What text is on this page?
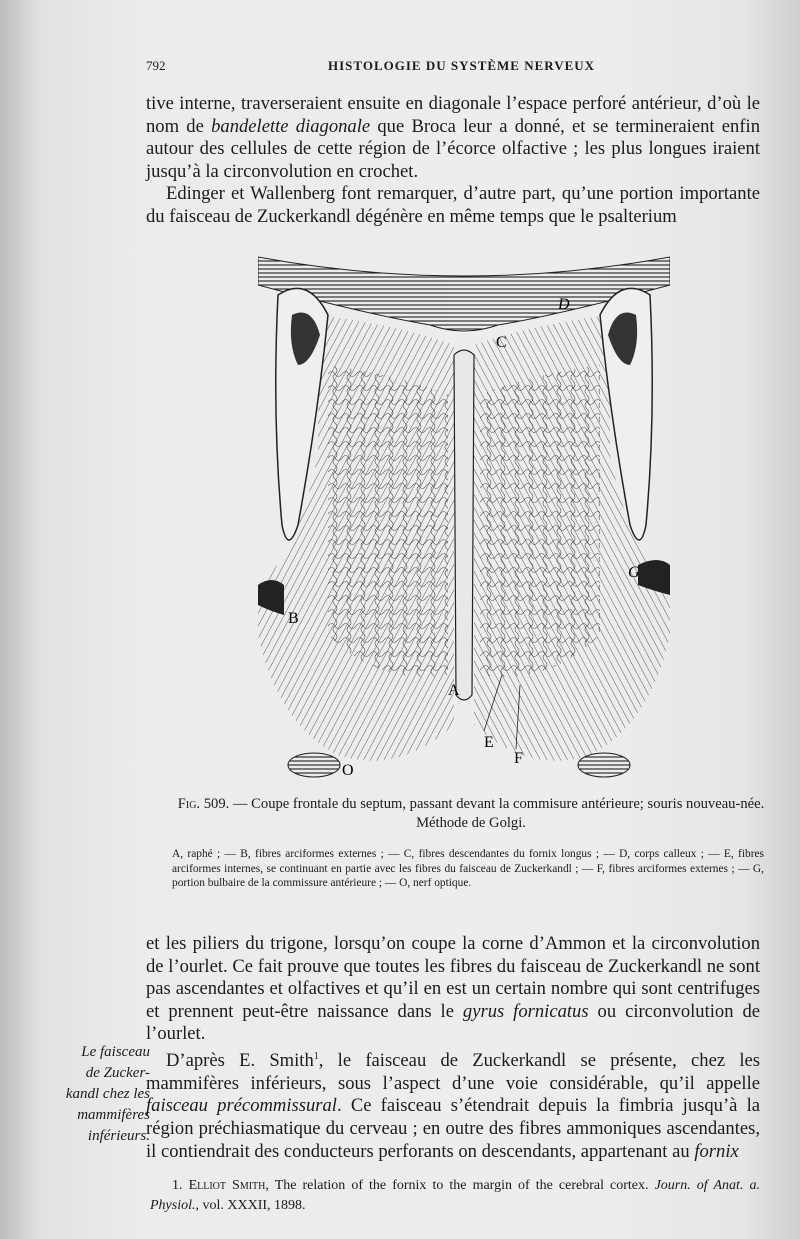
792	HISTOLOGIE DU SYSTÈME NERVEUX

tive interne, traverseraient ensuite en diagonale l’espace perforé antérieur, d’où le nom de bandelette diagonale que Broca leur a donné, et se termineraient enfin autour des cellules de cette région de l’écorce olfactive ; les plus longues iraient jusqu’à la circonvolution en crochet.

Edinger et Wallenberg font remarquer, d’autre part, qu’une portion importante du faisceau de Zuckerkandl dégénère en même temps que le psalterium

D
C
G
B
A
E
F
O
Fig. 509. — Coupe frontale du septum, passant devant la commisure antérieure; souris nouveau-née. Méthode de Golgi.

A, raphé ; — B, fibres arciformes externes ; — C, fibres descendantes du fornix longus ; — D, corps calleux ; — E, fibres arciformes internes, se continuant en partie avec les fibres du faisceau de Zuckerkandl ; — F, fibres arciformes externes ; — G, portion bulbaire de la commissure antérieure ; — O, nerf optique.

et les piliers du trigone, lorsqu’on coupe la corne d’Ammon et la circonvolution de l’ourlet. Ce fait prouve que toutes les fibres du faisceau de Zuckerkandl ne sont pas ascendantes et olfactives et qu’il en est un certain nombre qui sont centrifuges et prennent peut-être naissance dans le gyrus fornicatus ou circonvolution de l’ourlet.

D’après E. Smith$^1$, le faisceau de Zuckerkandl se présente, chez les mammifères inférieurs, sous l’aspect d’une voie considérable, qu’il appelle faisceau précommissural. Ce faisceau s’étendrait depuis la fimbria jusqu’à la région préchiasmatique du cerveau ; en outre des fibres ammoniques ascendantes, il contiendrait des conducteurs perforants on descendants, appartenant au fornix

Le faisceau
de Zucker-
kandl chez les
mammifères
inférieurs.

1. Elliot Smith, The relation of the fornix to the margin of the cerebral cortex. Journ. of Anat. a. Physiol., vol. XXXII, 1898.
